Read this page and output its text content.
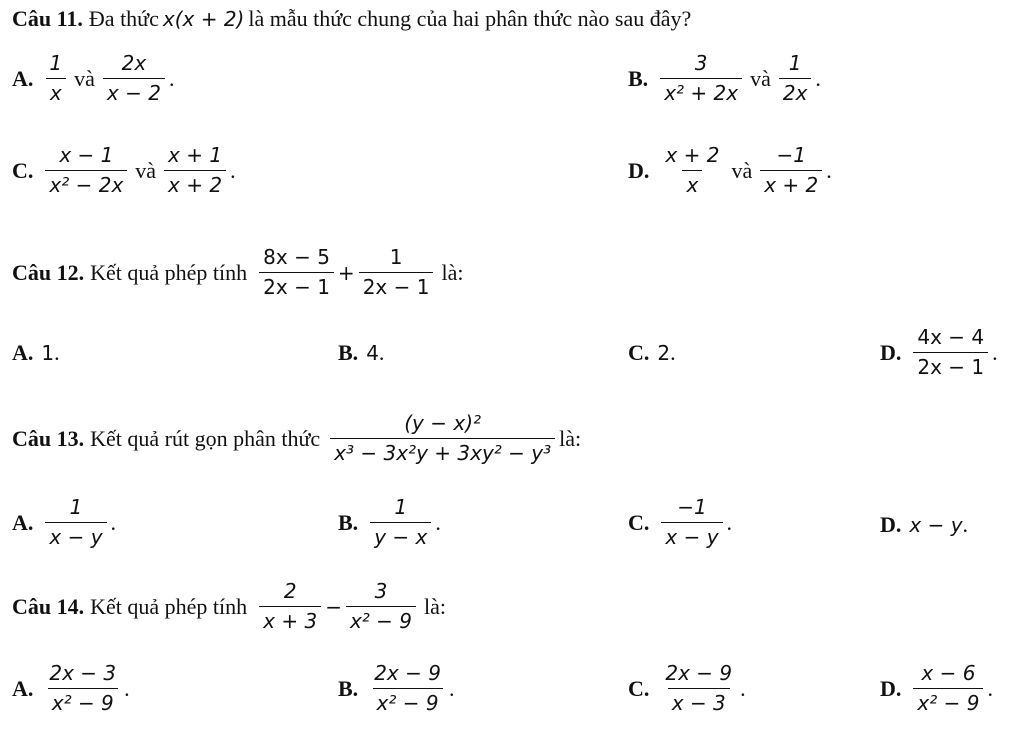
Câu 11. Đa thức x(x + 2) là mẫu thức chung của hai phân thức nào sau đây?
A. $\frac{1}{x}$ và $\frac{2x}{x - 2}$ .	B. $\frac{3}{\text{x² + 2x}}$ và $\frac{1}{2x}$ .
C. $\frac{x - 1}{\text{x² − 2x}}$ và $\frac{x + 1}{x + 2}$ .	D. $\frac{x + 2}{x}$ và $\frac{-1}{x + 2}$ .
Câu 12. Kết quả phép tính $\frac{8x - 5}{2x - 1} + \frac{1}{2x - 1}$ là:
A. 1 .	B. 4 .	C. 2 .	D. $\frac{4x - 4}{2x - 1}$ .
Câu 13. Kết quả rút gọn phân thức $\frac{\text{(y − x)²}}{\text{x³ − 3x²y + 3xy² − y³}}$ là:
A. $\frac{1}{x - y}$ .	B. $\frac{1}{y - x}$ .	C. $\frac{-1}{x - y}$ .	D. x − y .
Câu 14. Kết quả phép tính $\frac{2}{x + 3} - \frac{3}{\text{x² − 9}}$ là:
A. $\frac{2x - 3}{\text{x² − 9}}$ .	B. $\frac{2x - 9}{\text{x² − 9}}$ .	C. $\frac{2x - 9}{x - 3}$ .	D. $\frac{x - 6}{\text{x² − 9}}$ .
